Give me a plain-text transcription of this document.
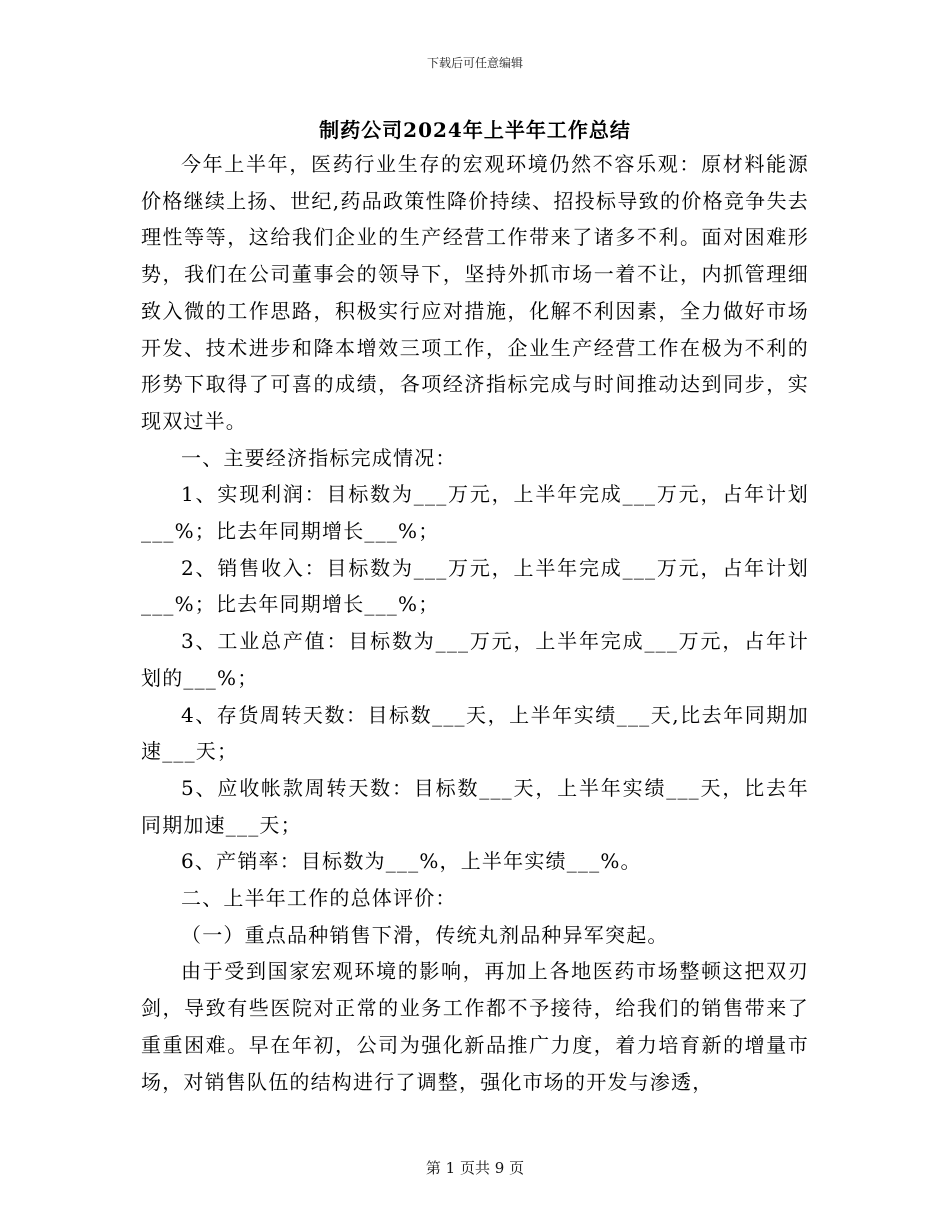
下载后可任意编辑
制药公司2024年上半年工作总结

今年上半年，医药行业生存的宏观环境仍然不容乐观：原材料能源价格继续上扬、世纪,药品政策性降价持续、招投标导致的价格竞争失去理性等等，这给我们企业的生产经营工作带来了诸多不利。面对困难形势，我们在公司董事会的领导下，坚持外抓市场一着不让，内抓管理细致入微的工作思路，积极实行应对措施，化解不利因素，全力做好市场开发、技术进步和降本增效三项工作，企业生产经营工作在极为不利的形势下取得了可喜的成绩，各项经济指标完成与时间推动达到同步，实现双过半。

一、主要经济指标完成情况：

1、实现利润：目标数为___万元，上半年完成___万元，占年计划___%；比去年同期增长___%；

2、销售收入：目标数为___万元，上半年完成___万元，占年计划___%；比去年同期增长___%；

3、工业总产值：目标数为___万元，上半年完成___万元，占年计划的___%；

4、存货周转天数：目标数___天，上半年实绩___天,比去年同期加速___天；

5、应收帐款周转天数：目标数___天，上半年实绩___天，比去年同期加速___天；

6、产销率：目标数为___%，上半年实绩___%。

二、上半年工作的总体评价：

（一）重点品种销售下滑，传统丸剂品种异军突起。

由于受到国家宏观环境的影响，再加上各地医药市场整顿这把双刃剑，导致有些医院对正常的业务工作都不予接待，给我们的销售带来了重重困难。早在年初，公司为强化新品推广力度，着力培育新的增量市场，对销售队伍的结构进行了调整，强化市场的开发与渗透，

第 1 页共 9 页
